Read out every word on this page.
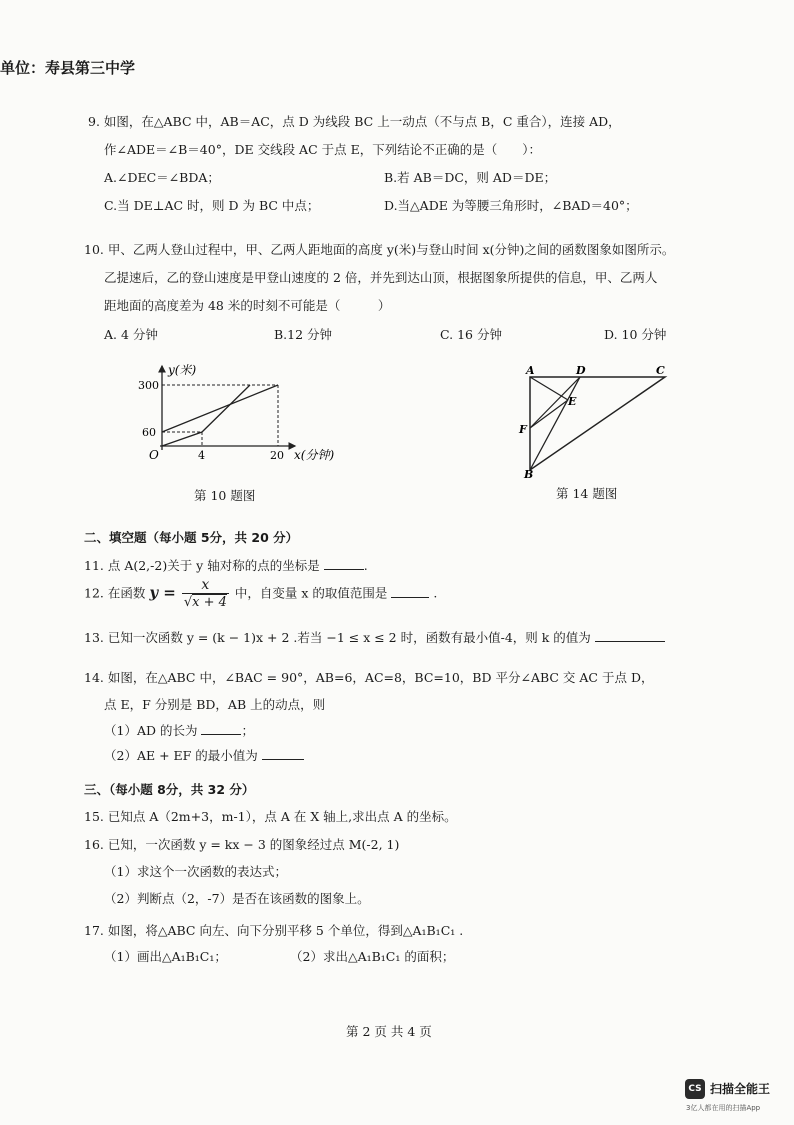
单位：寿县第三中学
9. 如图，在△ABC 中，AB＝AC，点 D 为线段 BC 上一动点（不与点 B，C 重合），连接 AD，
作∠ADE＝∠B＝40°，DE 交线段 AC 于点 E，下列结论不正确的是（　　）：
A.∠DEC＝∠BDA；	B.若 AB＝DC，则 AD＝DE；
C.当 DE⊥AC 时，则 D 为 BC 中点；	D.当△ADE 为等腰三角形时，∠BAD＝40°；
10. 甲、乙两人登山过程中，甲、乙两人距地面的高度 y(米)与登山时间 x(分钟)之间的函数图象如图所示。
乙提速后，乙的登山速度是甲登山速度的 2 倍，并先到达山顶，根据图象所提供的信息，甲、乙两人
距地面的高度差为 48 米的时刻不可能是（　　　）
A. 4 分钟	B.12 分钟	C. 16 分钟	D. 10 分钟
y(米)
x(分钟)
O
300
60
4	20
第 10 题图
A	D	C
E
F
B
第 14 题图
二、填空题（每小题 5分，共 20 分）
11. 点 A(2,-2)关于 y 轴对称的点的坐标是	.
12. 在函数 $y = \frac{x}{√x + 4}$ 中，自变量 x 的取值范围是	.
13. 已知一次函数 y = (k − 1)x + 2 .若当 −1 ≤ x ≤ 2 时，函数有最小值-4，则 k 的值为
14. 如图，在△ABC 中，∠BAC = 90°，AB=6，AC=8，BC=10，BD 平分∠ABC 交 AC 于点 D，
点 E，F 分别是 BD，AB 上的动点，则
（1）AD 的长为	；
（2）AE + EF 的最小值为
三、（每小题 8分，共 32 分）
15. 已知点 A（2m+3，m-1），点 A 在 X 轴上,求出点 A 的坐标。
16. 已知，一次函数 y = kx − 3 的图象经过点 M(-2, 1)
（1）求这个一次函数的表达式；
（2）判断点（2，-7）是否在该函数的图象上。
17. 如图，将△ABC 向左、向下分别平移 5 个单位，得到△A₁B₁C₁ .
（1）画出△A₁B₁C₁；	（2）求出△A₁B₁C₁ 的面积；
第 2 页 共 4 页
CS 扫描全能王
3亿人都在用的扫描App
